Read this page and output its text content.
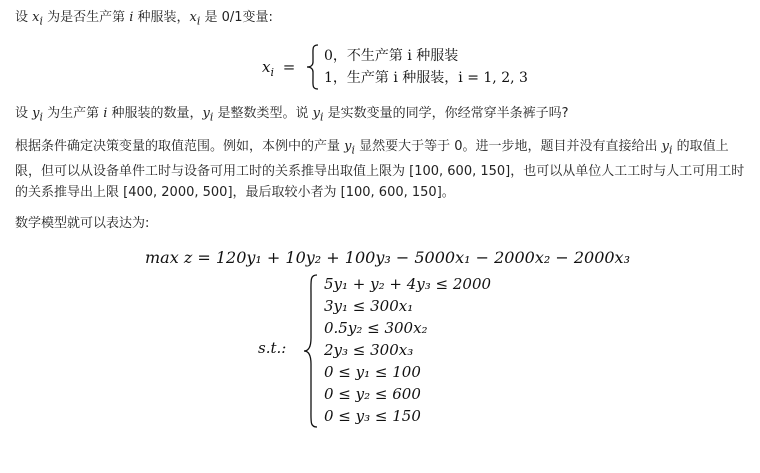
设 $x_i$ 为是否生产第 i 种服装，$x_i$ 是 0/1变量:
$x_i$ =
0，不生产第 i 种服装
1，生产第 i 种服装，i = 1, 2, 3
设 $y_i$ 为生产第 i 种服装的数量，$y_i$ 是整数类型。说 $y_i$ 是实数变量的同学，你经常穿半条裤子吗?
根据条件确定决策变量的取值范围。例如，本例中的产量 $y_i$ 显然要大于等于 0。进一步地，题目并没有直接给出 $y_i$ 的取值上限，但可以从设备单件工时与设备可用工时的关系推导出取值上限为 [100, 600, 150]，也可以从单位人工工时与人工可用工时的关系推导出上限 [400, 2000, 500]，最后取较小者为 [100, 600, 150]。
数学模型就可以表达为:
max z = 120y₁ + 10y₂ + 100y₃ − 5000x₁ − 2000x₂ − 2000x₃
s.t.:
5y₁ + y₂ + 4y₃ ≤ 2000
3y₁ ≤ 300x₁
0.5y₂ ≤ 300x₂
2y₃ ≤ 300x₃
0 ≤ y₁ ≤ 100
0 ≤ y₂ ≤ 600
0 ≤ y₃ ≤ 150
